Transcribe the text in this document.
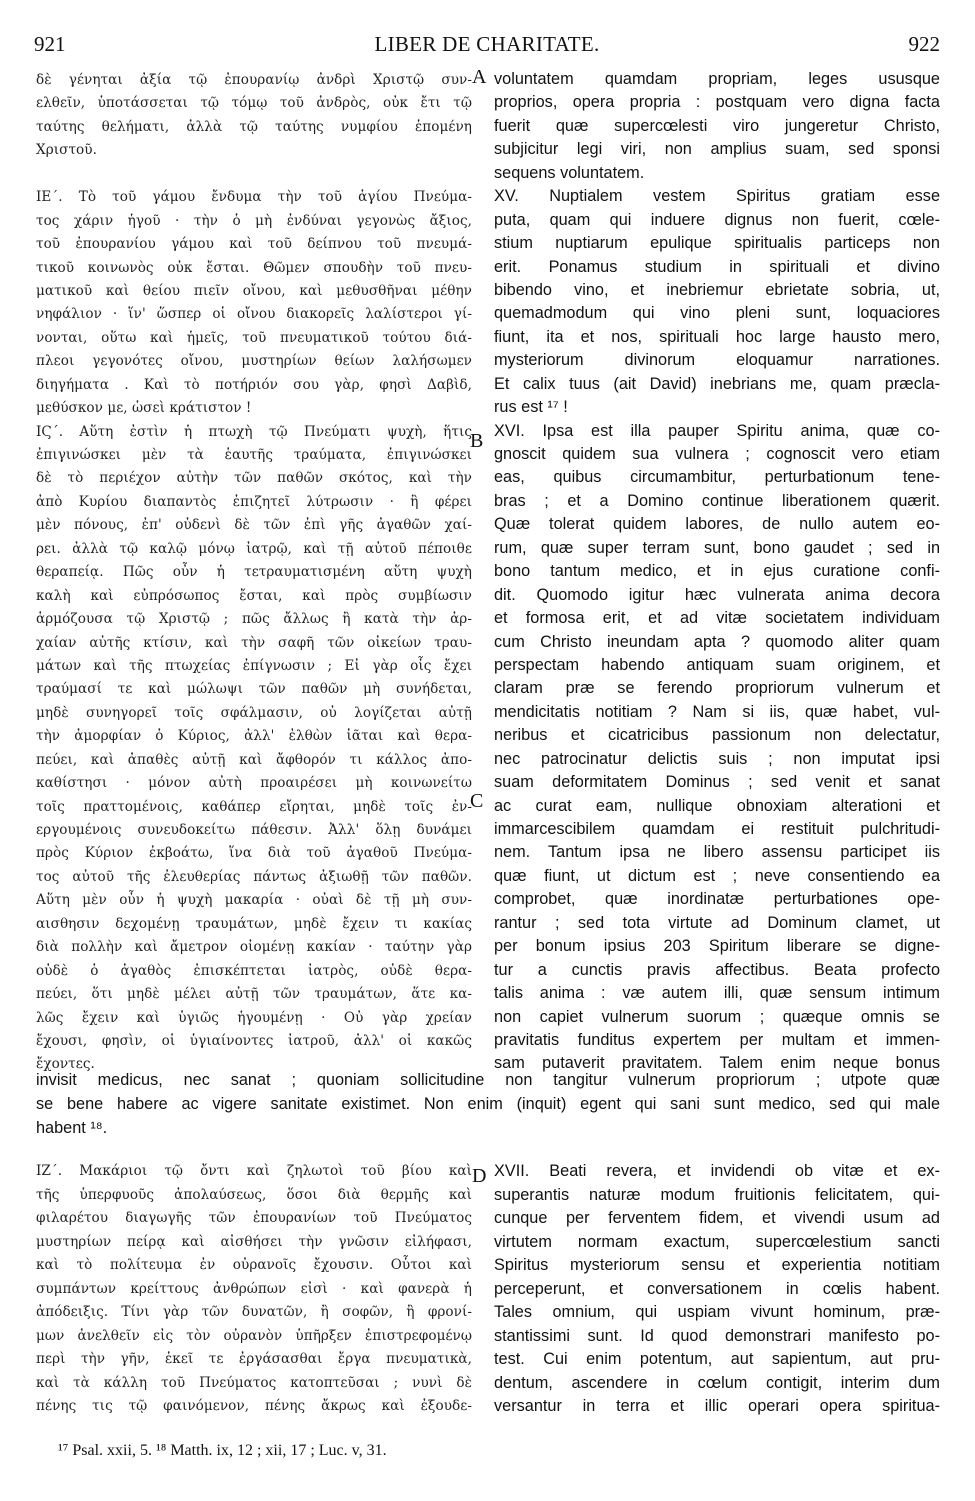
921	LIBER DE CHARITATE.	922
δὲ γένηται ἀξία τῷ ἐπουρανίῳ ἀνδρὶ Χριστῷ συν-
ελθεῖν, ὑποτάσσεται τῷ τόμῳ τοῦ ἀνδρὸς, οὐκ ἔτι τῷ
ταύτης θελήματι, ἀλλὰ τῷ ταύτης νυμφίου ἑπομένη
Χριστοῦ.
ΙΕ΄. Τὸ τοῦ γάμου ἔνδυμα τὴν τοῦ ἁγίου Πνεύμα-
τος χάριν ἡγοῦ · τὴν ὁ μὴ ἐνδύναι γεγονὼς ἄξιος,
τοῦ ἐπουρανίου γάμου καὶ τοῦ δείπνου τοῦ πνευμά-
τικοῦ κοινωνὸς οὐκ ἔσται. Θῶμεν σπουδὴν τοῦ πνευ-
ματικοῦ καὶ θείου πιεῖν οἴνου, καὶ μεθυσθῆναι μέθην
νηφάλιον · ἵν' ὥσπερ οἱ οἴνου διακορεῖς λαλίστεροι γί-
νονται, οὕτω καὶ ἡμεῖς, τοῦ πνευματικοῦ τούτου διά-
πλεοι γεγονότες οἴνου, μυστηρίων θείων λαλήσωμεν
διηγήματα . Καὶ τὸ ποτήριόν σου γὰρ, φησὶ Δαβὶδ,
μεθύσκον με, ὡσεὶ κράτιστον !
ΙϚ΄. Αὕτη ἐστὶν ἡ πτωχὴ τῷ Πνεύματι ψυχὴ, ἥτις
ἐπιγινώσκει μὲν τὰ ἑαυτῆς τραύματα, ἐπιγινώσκει
δὲ τὸ περιέχον αὐτὴν τῶν παθῶν σκότος, καὶ τὴν
ἀπὸ Κυρίου διαπαντὸς ἐπιζητεῖ λύτρωσιν · ἢ φέρει
μὲν πόνους, ἐπ' οὐδενὶ δὲ τῶν ἐπὶ γῆς ἀγαθῶν χαί-
ρει. ἀλλὰ τῷ καλῷ μόνῳ ἰατρῷ, καὶ τῇ αὐτοῦ πέποιθε
θεραπείᾳ. Πῶς οὖν ἡ τετραυματισμένη αὕτη ψυχὴ
καλὴ καὶ εὐπρόσωπος ἔσται, καὶ πρὸς συμβίωσιν
ἁρμόζουσα τῷ Χριστῷ ; πῶς ἄλλως ἢ κατὰ τὴν ἀρ-
χαίαν αὐτῆς κτίσιν, καὶ τὴν σαφῆ τῶν οἰκείων τραυ-
μάτων καὶ τῆς πτωχείας ἐπίγνωσιν ; Εἰ γὰρ οἷς ἔχει
τραύμασί τε καὶ μώλωψι τῶν παθῶν μὴ συνήδεται,
μηδὲ συνηγορεῖ τοῖς σφάλμασιν, οὐ λογίζεται αὐτῇ
τὴν ἀμορφίαν ὁ Κύριος, ἀλλ' ἐλθὼν ἰᾶται καὶ θερα-
πεύει, καὶ ἀπαθὲς αὐτῇ καὶ ἄφθορόν τι κάλλος ἀπο-
καθίστησι · μόνον αὐτὴ προαιρέσει μὴ κοινωνείτω
τοῖς πραττομένοις, καθάπερ εἴρηται, μηδὲ τοῖς ἐν-
εργουμένοις συνευδοκείτω πάθεσιν. Ἀλλ' ὅλῃ δυνάμει
πρὸς Κύριον ἐκβοάτω, ἵνα διὰ τοῦ ἀγαθοῦ Πνεύμα-
τος αὐτοῦ τῆς ἐλευθερίας πάντως ἀξιωθῇ τῶν παθῶν.
Αὕτη μὲν οὖν ἡ ψυχὴ μακαρία · οὐαὶ δὲ τῇ μὴ συν-
αισθησιν δεχομένῃ τραυμάτων, μηδὲ ἔχειν τι κακίας
διὰ πολλὴν καὶ ἄμετρον οἰομένῃ κακίαν · ταύτην γὰρ
οὐδὲ ὁ ἀγαθὸς ἐπισκέπτεται ἰατρὸς, οὐδὲ θερα-
πεύει, ὅτι μηδὲ μέλει αὐτῇ τῶν τραυμάτων, ἅτε κα-
λῶς ἔχειν καὶ ὑγιῶς ἡγουμένῃ · Οὐ γὰρ χρείαν
ἔχουσι, φησὶν, οἱ ὑγιαίνοντες ἰατροῦ, ἀλλ' οἱ κακῶς
ἔχοντες.
voluntatem quamdam propriam, leges ususque
proprios, opera propria : postquam vero digna facta
fuerit quæ supercœlesti viro jungeretur Christo,
subjicitur legi viri, non amplius suam, sed sponsi
sequens voluntatem.
XV. Nuptialem vestem Spiritus gratiam esse
puta, quam qui induere dignus non fuerit, cœle-
stium nuptiarum epulique spiritualis particeps non
erit. Ponamus studium in spirituali et divino
bibendo vino, et inebriemur ebrietate sobria, ut,
quemadmodum qui vino pleni sunt, loquaciores
fiunt, ita et nos, spirituali hoc large hausto mero,
mysteriorum divinorum eloquamur narrationes.
Et calix tuus (ait David) inebrians me, quam præcla-
rus est ¹⁷ !
XVI. Ipsa est illa pauper Spiritu anima, quæ co-
gnoscit quidem sua vulnera ; cognoscit vero etiam
eas, quibus circumambitur, perturbationum tene-
bras ; et a Domino continue liberationem quærit.
Quæ tolerat quidem labores, de nullo autem eo-
rum, quæ super terram sunt, bono gaudet ; sed in
bono tantum medico, et in ejus curatione confi-
dit. Quomodo igitur hæc vulnerata anima decora
et formosa erit, et ad vitæ societatem individuam
cum Christo ineundam apta ? quomodo aliter quam
perspectam habendo antiquam suam originem, et
claram præ se ferendo propriorum vulnerum et
mendicitatis notitiam ? Nam si iis, quæ habet, vul-
neribus et cicatricibus passionum non delectatur,
nec patrocinatur delictis suis ; non imputat ipsi
suam deformitatem Dominus ; sed venit et sanat
ac curat eam, nullique obnoxiam alterationi et
immarcescibilem quamdam ei restituit pulchritudi-
nem. Tantum ipsa ne libero assensu participet iis
quæ fiunt, ut dictum est ; neve consentiendo ea
comprobet, quæ inordinatæ perturbationes ope-
rantur ; sed tota virtute ad Dominum clamet, ut
per bonum ipsius 203 Spiritum liberare se digne-
tur a cunctis pravis affectibus. Beata profecto
talis anima : væ autem illi, quæ sensum intimum
non capiet vulnerum suorum ; quæque omnis se
pravitatis funditus expertem per multam et immen-
sam putaverit pravitatem. Talem enim neque bonus
A
B
C
D
invisit medicus, nec sanat ; quoniam sollicitudine non tangitur vulnerum propriorum ; utpote quæ
se bene habere ac vigere sanitate existimet. Non enim (inquit) egent qui sani sunt medico, sed qui male
habent ¹⁸.
ΙΖ΄. Μακάριοι τῷ ὄντι καὶ ζηλωτοὶ τοῦ βίου καὶ
τῆς ὑπερφυοῦς ἀπολαύσεως, ὅσοι διὰ θερμῆς καὶ
φιλαρέτου διαγωγῆς τῶν ἐπουρανίων τοῦ Πνεύματος
μυστηρίων πείρᾳ καὶ αἰσθήσει τὴν γνῶσιν εἰλήφασι,
καὶ τὸ πολίτευμα ἐν οὐρανοῖς ἔχουσιν. Οὗτοι καὶ
συμπάντων κρείττους ἀνθρώπων εἰσὶ · καὶ φανερὰ ἡ
ἀπόδειξις. Τίνι γὰρ τῶν δυνατῶν, ἢ σοφῶν, ἢ φρονί-
μων ἀνελθεῖν εἰς τὸν οὐρανὸν ὑπῆρξεν ἐπιστρεφομένῳ
περὶ τὴν γῆν, ἐκεῖ τε ἐργάσασθαι ἔργα πνευματικὰ,
καὶ τὰ κάλλη τοῦ Πνεύματος κατοπτεῦσαι ; νυνὶ δὲ
πένης τις τῷ φαινόμενον, πένης ἄκρως καὶ ἐξουδε-
XVII. Beati revera, et invidendi ob vitæ et ex-
superantis naturæ modum fruitionis felicitatem, qui-
cunque per ferventem fidem, et vivendi usum ad
virtutem normam exactum, supercœlestium sancti
Spiritus mysteriorum sensu et experientia notitiam
perceperunt, et conversationem in cœlis habent.
Tales omnium, qui uspiam vivunt hominum, præ-
stantissimi sunt. Id quod demonstrari manifesto po-
test. Cui enim potentum, aut sapientum, aut pru-
dentum, ascendere in cœlum contigit, interim dum
versantur in terra et illic operari opera spiritua-
¹⁷ Psal. xxii, 5. ¹⁸ Matth. ix, 12 ; xii, 17 ; Luc. v, 31.
